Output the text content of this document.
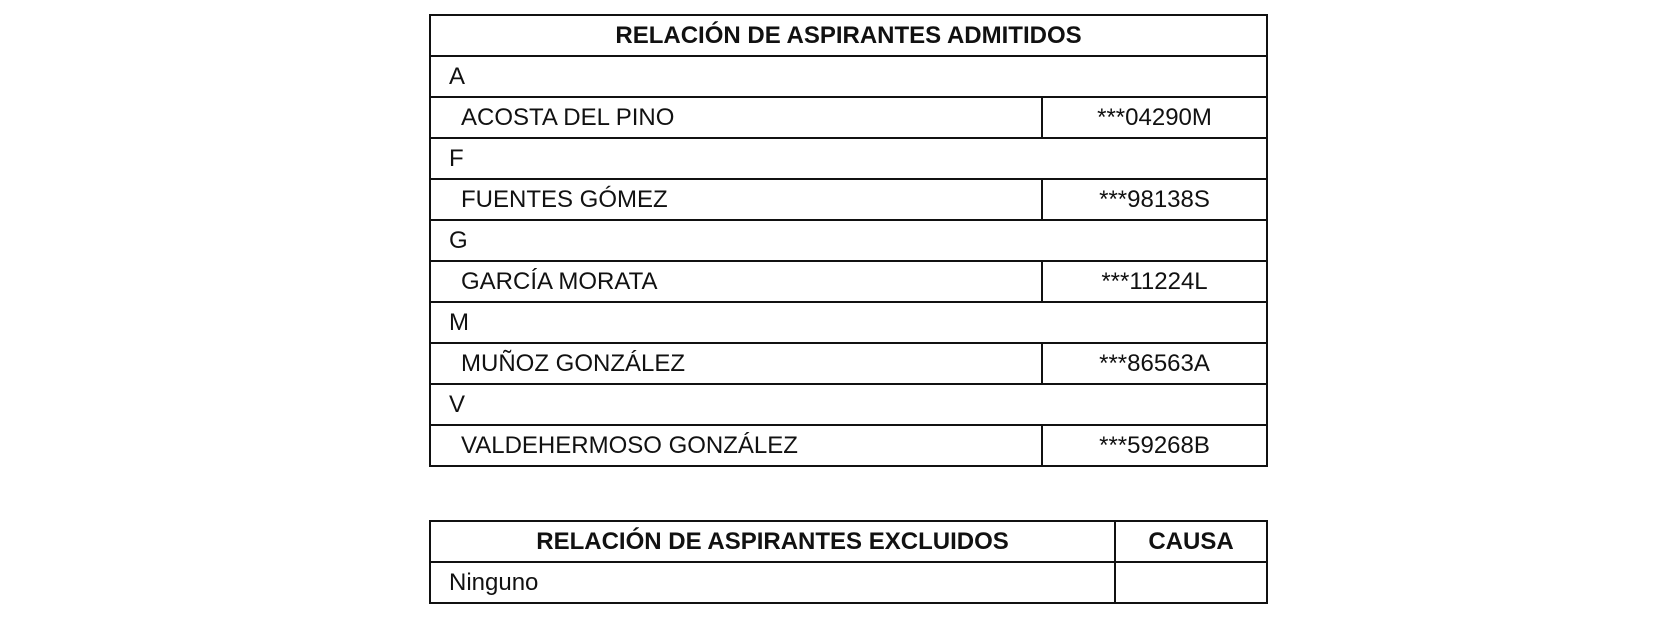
RELACIÓN DE ASPIRANTES ADMITIDOS	
A	
ACOSTA DEL PINO	***04290M
F	
FUENTES GÓMEZ	***98138S
G	
GARCÍA MORATA	***11224L
M	
MUÑOZ GONZÁLEZ	***86563A
V	
VALDEHERMOSO GONZÁLEZ	***59268B
RELACIÓN DE ASPIRANTES EXCLUIDOS	CAUSA
Ninguno	
